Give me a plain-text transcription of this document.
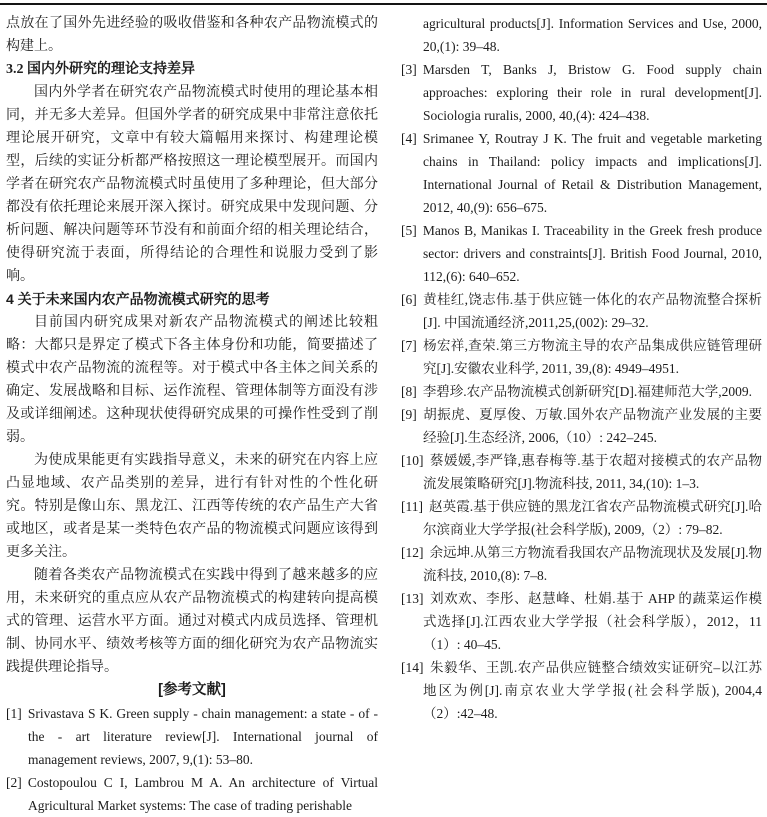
点放在了国外先进经验的吸收借鉴和各种农产品物流模式的构建上。

3.2 国内外研究的理论支持差异

国内外学者在研究农产品物流模式时使用的理论基本相同，并无多大差异。但国外学者的研究成果中非常注意依托理论展开研究，文章中有较大篇幅用来探讨、构建理论模型，后续的实证分析都严格按照这一理论模型展开。而国内学者在研究农产品物流模式时虽使用了多种理论，但大部分都没有依托理论来展开深入探讨。研究成果中发现问题、分析问题、解决问题等环节没有和前面介绍的相关理论结合，使得研究流于表面，所得结论的合理性和说服力受到了影响。

4 关于未来国内农产品物流模式研究的思考

目前国内研究成果对新农产品物流模式的阐述比较粗略：大都只是界定了模式下各主体身份和功能，简要描述了模式中农产品物流的流程等。对于模式中各主体之间关系的确定、发展战略和目标、运作流程、管理体制等方面没有涉及或详细阐述。这种现状使得研究成果的可操作性受到了削弱。

为使成果能更有实践指导意义，未来的研究在内容上应凸显地域、农产品类别的差异，进行有针对性的个性化研究。特别是像山东、黑龙江、江西等传统的农产品生产大省或地区，或者是某一类特色农产品的物流模式问题应该得到更多关注。

随着各类农产品物流模式在实践中得到了越来越多的应用，未来研究的重点应从农产品物流模式的构建转向提高模式的管理、运营水平方面。通过对模式内成员选择、管理机制、协同水平、绩效考核等方面的细化研究为农产品物流实践提供理论指导。

[参考文献]
[1] Srivastava S K. Green supply - chain management: a state - of - the - art literature review[J]. International journal of management reviews, 2007, 9,(1): 53–80.
[2] Costopoulou C I, Lambrou M A. An architecture of Virtual Agricultural Market systems: The case of trading perishable

agricultural products[J]. Information Services and Use, 2000, 20,(1): 39–48.

[3] Marsden T, Banks J, Bristow G. Food supply chain approaches: exploring their role in rural development[J]. Sociologia ruralis, 2000, 40,(4): 424–438.
[4] Srimanee Y, Routray J K. The fruit and vegetable marketing chains in Thailand: policy impacts and implications[J]. International Journal of Retail & Distribution Management, 2012, 40,(9): 656–675.
[5] Manos B, Manikas I. Traceability in the Greek fresh produce sector: drivers and constraints[J]. British Food Journal, 2010, 112,(6): 640–652.
[6] 黄桂红,饶志伟.基于供应链一体化的农产品物流整合探析[J]. 中国流通经济,2011,25,(002): 29–32.
[7] 杨宏祥,查荣.第三方物流主导的农产品集成供应链管理研究[J].安徽农业科学, 2011, 39,(8): 4949–4951.
[8] 李碧珍.农产品物流模式创新研究[D].福建师范大学,2009.
[9] 胡振虎、夏厚俊、万敏.国外农产品物流产业发展的主要经验[J].生态经济, 2006,（10）: 242–245.
[10] 蔡媛媛,李严锋,惠春梅等.基于农超对接模式的农产品物流发展策略研究[J].物流科技, 2011, 34,(10): 1–3.
[11] 赵英霞.基于供应链的黑龙江省农产品物流模式研究[J].哈尔滨商业大学学报(社会科学版), 2009,（2）: 79–82.
[12] 余远坤.从第三方物流看我国农产品物流现状及发展[J].物流科技, 2010,(8): 7–8.
[13] 刘欢欢、李彤、赵慧峰、杜娟.基于 AHP 的蔬菜运作模式选择[J].江西农业大学学报（社会科学版），2012，11（1）: 40–45.
[14] 朱毅华、王凯.农产品供应链整合绩效实证研究–以江苏地区为例[J].南京农业大学学报(社会科学版), 2004,4（2）:42–48.
